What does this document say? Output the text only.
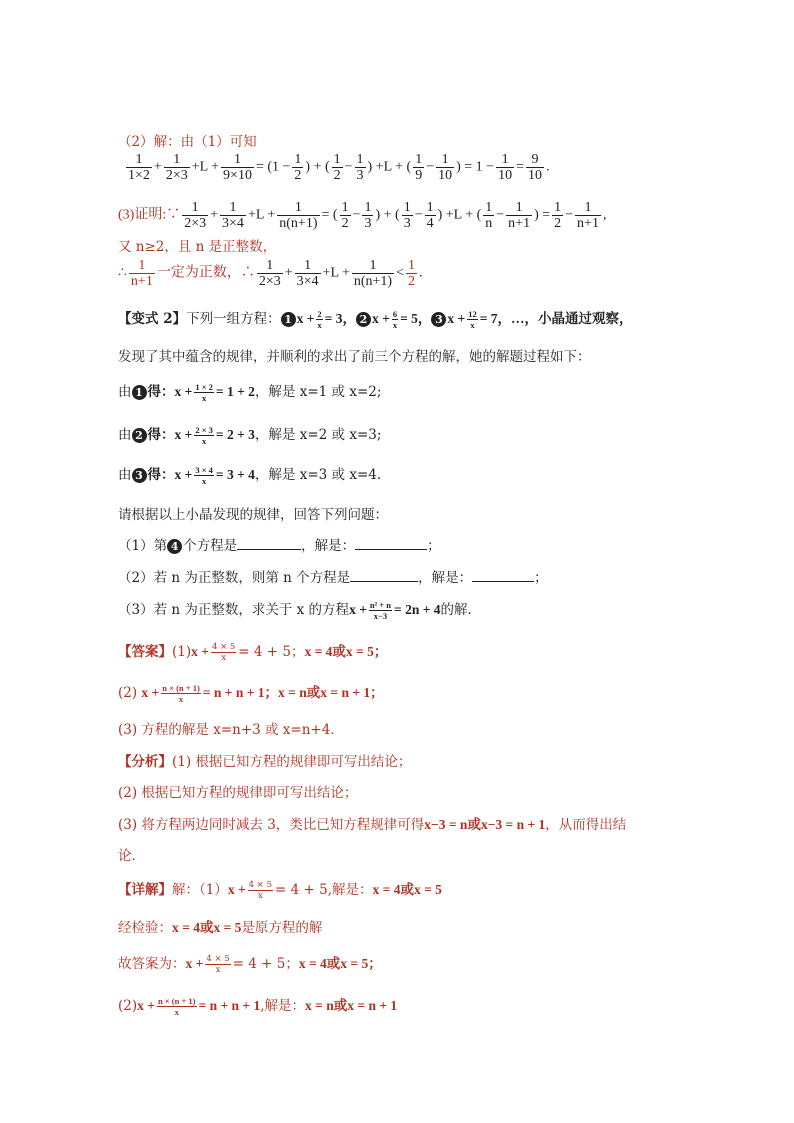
（2）解：由（1）可知
$\frac{1}{1\times 2} + \frac{1}{2\times 3} +L + \frac{1}{9\times 10} = (1 - \frac{1}{2}$ ) + ( $\frac{1}{2} - \frac{1}{3}$ ) +L + ( $\frac{1}{9} - \frac{1}{10}$ ) = $1 - \frac{1}{10} = \frac{9}{10}$ .
(3)证明:∵ $\frac{1}{2\times 3} + \frac{1}{3\times 4} +L + \frac{1}{n(n+1)}$ = ( $\frac{1}{2} - \frac{1}{3}$ ) + ( $\frac{1}{3} - \frac{1}{4}$ ) +L + ( $\frac{1}{n} - \frac{1}{n+1}$ ) = $\frac{1}{2} - \frac{1}{n+1}$ ,
又 n≥2，且 n 是正整数，
∴ $\frac{1}{n+1}$ 一定为正数，∴ $\frac{1}{2\times 3} + \frac{1}{3\times 4} +L + \frac{1}{n(n+1)} < \frac{1}{2}$ .
【变式 2】下列一组方程： 1 $x + \frac{2}{x} = 3$， 2 $x + \frac{6}{x} = 5$， 3 $x + \frac{12}{x} = 7$，…，小晶通过观察，
发现了其中蕴含的规律，并顺利的求出了前三个方程的解，她的解题过程如下：
由 1 得：$x + \frac{1 \times 2}{x} = 1 + 2$，解是 x=1 或 x=2;
由 2 得：$x + \frac{2 \times 3}{x} = 2 + 3$，解是 x=2 或 x=3;
由 3 得：$x + \frac{3 \times 4}{x} = 3 + 4$，解是 x=3 或 x=4.
请根据以上小晶发现的规律，回答下列问题：
（1）第 4 个方程是	，解是：	；
（2）若 n 为正整数，则第 n 个方程是	，解是：	；
（3）若 n 为正整数，求关于 x 的方程$x + \frac{\text{n² + n}}{x-3} = 2n + 4$的解．
【答案】$(1)x + \frac{4 \times 5}{x} = 4 + 5$；x = 4或x = 5；
(2) $x + \frac{n \times (n + 1)}{x} = n + n + 1$；x = n或x = n + 1；
(3) 方程的解是 x=n+3 或 x=n+4．
【分析】(1) 根据已知方程的规律即可写出结论；
(2) 根据已知方程的规律即可写出结论；
(3) 将方程两边同时减去 3，类比已知方程规律可得x−3 = n或x−3 = n + 1，从而得出结
论．
【详解】解：$(1)x + \frac{4 \times 5}{x} = 4 + 5$,解是：x = 4或x = 5
经检验：x = 4或x = 5是原方程的解
故答案为：$x + \frac{4 \times 5}{x} = 4 + 5$；x = 4或x = 5；
$(2)x + \frac{n \times (n + 1)}{x} = n + n + 1$,解是：x = n或x = n + 1
